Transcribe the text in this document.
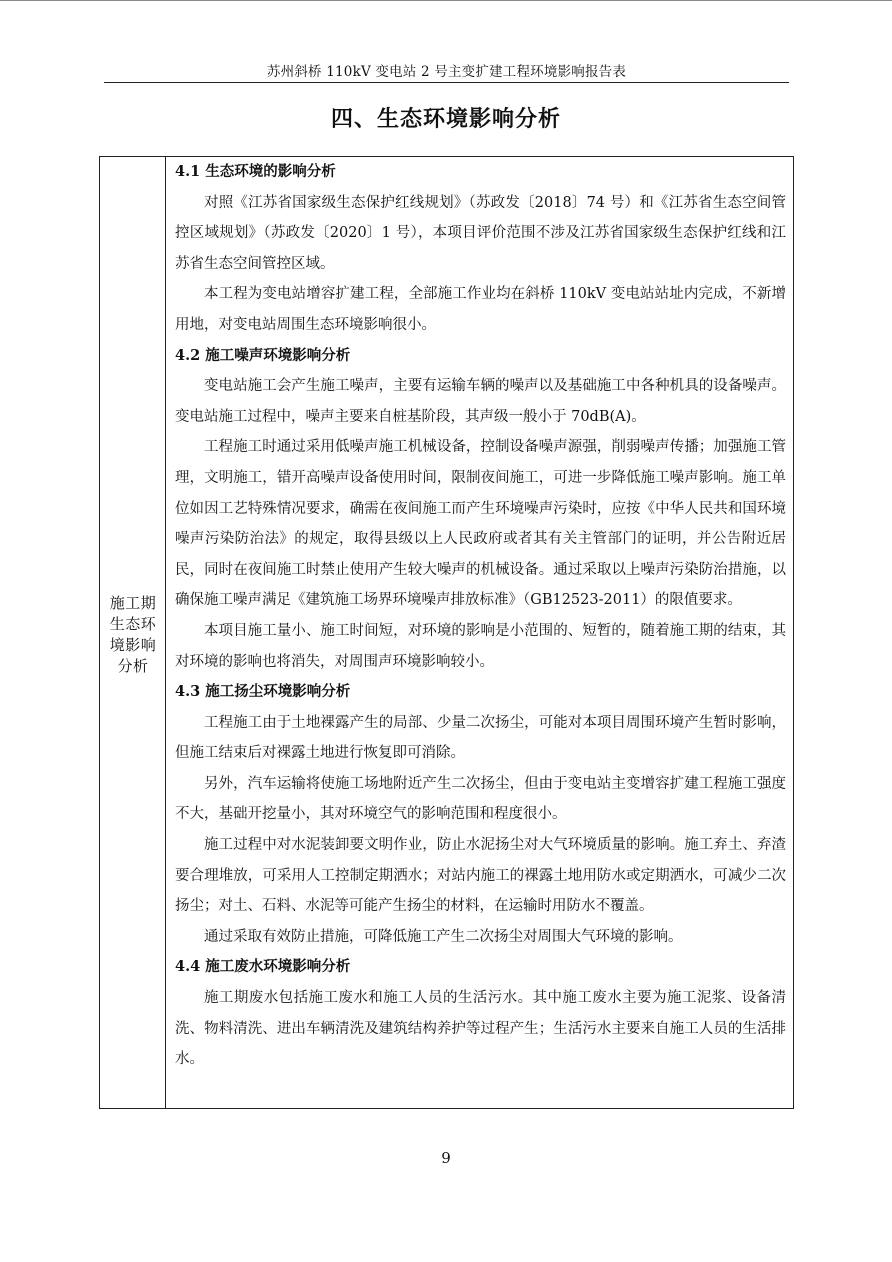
苏州斜桥 110kV 变电站 2 号主变扩建工程环境影响报告表
四、生态环境影响分析
施工期生态环境影响分析

4.1 生态环境的影响分析

对照《江苏省国家级生态保护红线规划》（苏政发〔2018〕74 号）和《江苏省生态空间管控区域规划》（苏政发〔2020〕1 号），本项目评价范围不涉及江苏省国家级生态保护红线和江苏省生态空间管控区域。

本工程为变电站增容扩建工程，全部施工作业均在斜桥 110kV 变电站站址内完成，不新增用地，对变电站周围生态环境影响很小。

4.2 施工噪声环境影响分析

变电站施工会产生施工噪声，主要有运输车辆的噪声以及基础施工中各种机具的设备噪声。变电站施工过程中，噪声主要来自桩基阶段，其声级一般小于 70dB(A)。

工程施工时通过采用低噪声施工机械设备，控制设备噪声源强，削弱噪声传播；加强施工管理，文明施工，错开高噪声设备使用时间，限制夜间施工，可进一步降低施工噪声影响。施工单位如因工艺特殊情况要求，确需在夜间施工而产生环境噪声污染时，应按《中华人民共和国环境噪声污染防治法》的规定，取得县级以上人民政府或者其有关主管部门的证明，并公告附近居民，同时在夜间施工时禁止使用产生较大噪声的机械设备。通过采取以上噪声污染防治措施，以确保施工噪声满足《建筑施工场界环境噪声排放标准》（GB12523-2011）的限值要求。

本项目施工量小、施工时间短，对环境的影响是小范围的、短暂的，随着施工期的结束，其对环境的影响也将消失，对周围声环境影响较小。

4.3 施工扬尘环境影响分析

工程施工由于土地裸露产生的局部、少量二次扬尘，可能对本项目周围环境产生暂时影响，但施工结束后对裸露土地进行恢复即可消除。

另外，汽车运输将使施工场地附近产生二次扬尘，但由于变电站主变增容扩建工程施工强度不大，基础开挖量小，其对环境空气的影响范围和程度很小。

施工过程中对水泥装卸要文明作业，防止水泥扬尘对大气环境质量的影响。施工弃土、弃渣要合理堆放，可采用人工控制定期洒水；对站内施工的裸露土地用防水或定期洒水，可减少二次扬尘；对土、石料、水泥等可能产生扬尘的材料，在运输时用防水不覆盖。

通过采取有效防止措施，可降低施工产生二次扬尘对周围大气环境的影响。

4.4 施工废水环境影响分析

施工期废水包括施工废水和施工人员的生活污水。其中施工废水主要为施工泥浆、设备清洗、物料清洗、进出车辆清洗及建筑结构养护等过程产生；生活污水主要来自施工人员的生活排水。

9
